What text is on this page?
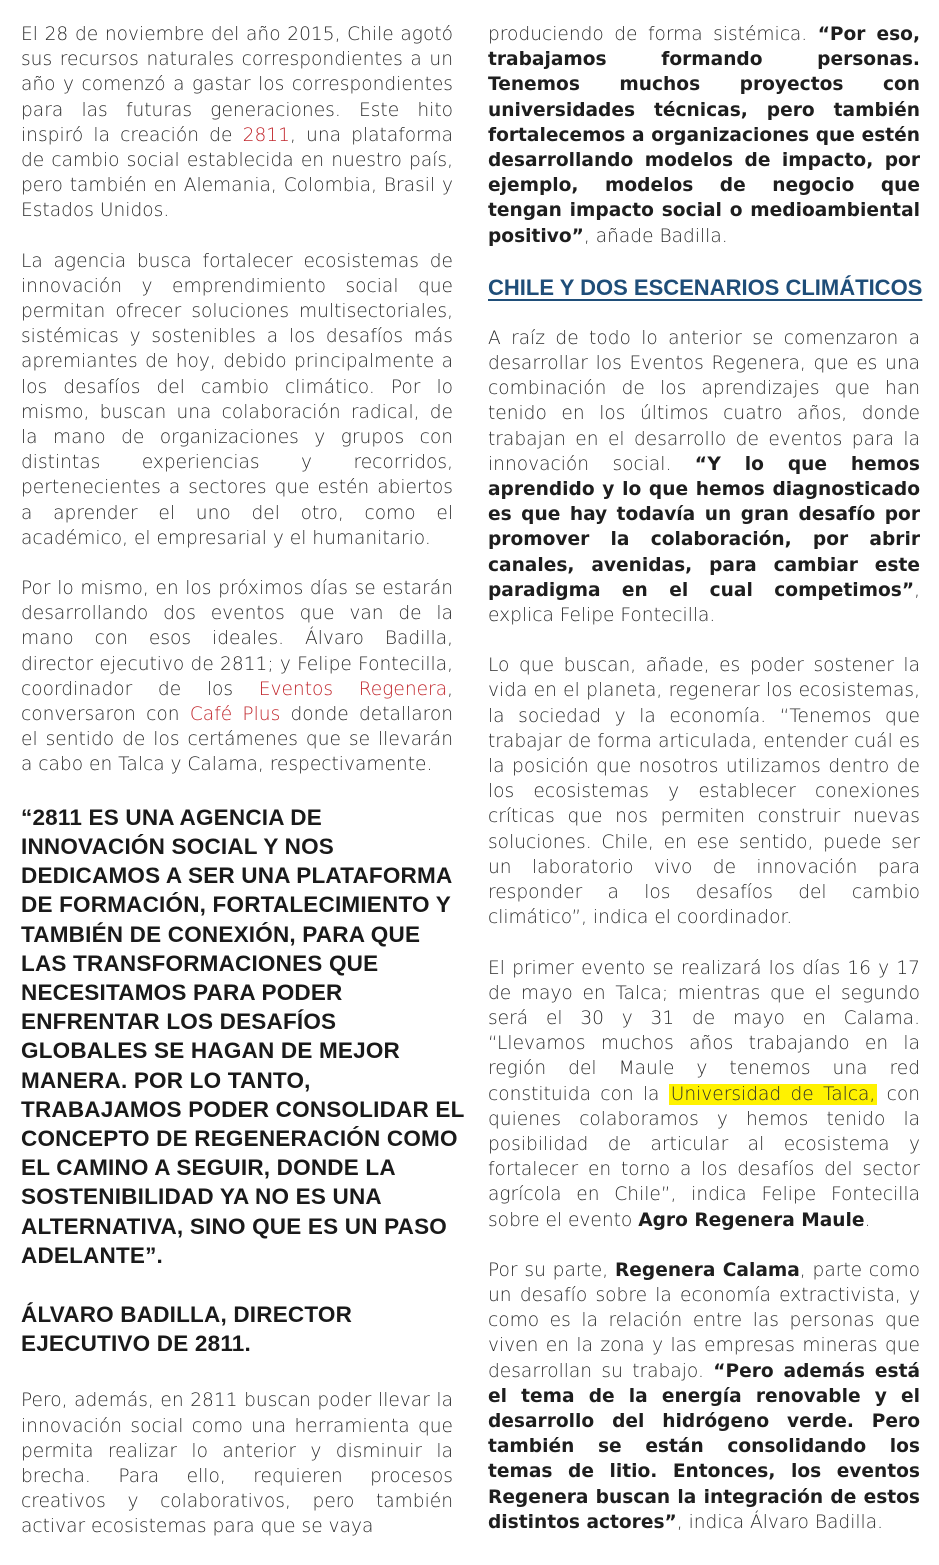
El 28 de noviembre del año 2015, Chile agotó sus recursos naturales correspondientes a un año y comenzó a gastar los correspondientes para las futuras generaciones. Este hito inspiró la creación de 2811, una plataforma de cambio social establecida en nuestro país, pero también en Alemania, Colombia, Brasil y Estados Unidos.

La agencia busca fortalecer ecosistemas de innovación y emprendimiento social que permitan ofrecer soluciones multisectoriales, sistémicas y sostenibles a los desafíos más apremiantes de hoy, debido principalmente a los desafíos del cambio climático. Por lo mismo, buscan una colaboración radical, de la mano de organizaciones y grupos con distintas experiencias y recorridos, pertenecientes a sectores que estén abiertos a aprender el uno del otro, como el académico, el empresarial y el humanitario.

Por lo mismo, en los próximos días se estarán desarrollando dos eventos que van de la mano con esos ideales. Álvaro Badilla, director ejecutivo de 2811; y Felipe Fontecilla, coordinador de los Eventos Regenera, conversaron con Café Plus donde detallaron el sentido de los certámenes que se llevarán a cabo en Talca y Calama, respectivamente.

“2811 ES UNA AGENCIA DE INNOVACIÓN SOCIAL Y NOS DEDICAMOS A SER UNA PLATAFORMA DE FORMACIÓN, FORTALECIMIENTO Y TAMBIÉN DE CONEXIÓN, PARA QUE LAS TRANSFORMACIONES QUE NECESITAMOS PARA PODER ENFRENTAR LOS DESAFÍOS GLOBALES SE HAGAN DE MEJOR MANERA. POR LO TANTO, TRABAJAMOS PODER CONSOLIDAR EL CONCEPTO DE REGENERACIÓN COMO EL CAMINO A SEGUIR, DONDE LA SOSTENIBILIDAD YA NO ES UNA ALTERNATIVA, SINO QUE ES UN PASO ADELANTE”.
ÁLVARO BADILLA, DIRECTOR EJECUTIVO DE 2811.

Pero, además, en 2811 buscan poder llevar la innovación social como una herramienta que permita realizar lo anterior y disminuir la brecha. Para ello, requieren procesos creativos y colaborativos, pero también activar ecosistemas para que se vaya

produciendo de forma sistémica. “Por eso, trabajamos formando personas. Tenemos muchos proyectos con universidades técnicas, pero también fortalecemos a organizaciones que estén desarrollando modelos de impacto, por ejemplo, modelos de negocio que tengan impacto social o medioambiental positivo”, añade Badilla.

CHILE Y DOS ESCENARIOS CLIMÁTICOS

A raíz de todo lo anterior se comenzaron a desarrollar los Eventos Regenera, que es una combinación de los aprendizajes que han tenido en los últimos cuatro años, donde trabajan en el desarrollo de eventos para la innovación social. “Y lo que hemos aprendido y lo que hemos diagnosticado es que hay todavía un gran desafío por promover la colaboración, por abrir canales, avenidas, para cambiar este paradigma en el cual competimos”, explica Felipe Fontecilla.

Lo que buscan, añade, es poder sostener la vida en el planeta, regenerar los ecosistemas, la sociedad y la economía. “Tenemos que trabajar de forma articulada, entender cuál es la posición que nosotros utilizamos dentro de los ecosistemas y establecer conexiones críticas que nos permiten construir nuevas soluciones. Chile, en ese sentido, puede ser un laboratorio vivo de innovación para responder a los desafíos del cambio climático”, indica el coordinador.

El primer evento se realizará los días 16 y 17 de mayo en Talca; mientras que el segundo será el 30 y 31 de mayo en Calama. “Llevamos muchos años trabajando en la región del Maule y tenemos una red constituida con la Universidad de Talca, con quienes colaboramos y hemos tenido la posibilidad de articular al ecosistema y fortalecer en torno a los desafíos del sector agrícola en Chile”, indica Felipe Fontecilla sobre el evento Agro Regenera Maule.

Por su parte, Regenera Calama, parte como un desafío sobre la economía extractivista, y como es la relación entre las personas que viven en la zona y las empresas mineras que desarrollan su trabajo. “Pero además está el tema de la energía renovable y el desarrollo del hidrógeno verde. Pero también se están consolidando los temas de litio. Entonces, los eventos Regenera buscan la integración de estos distintos actores”, indica Álvaro Badilla.
